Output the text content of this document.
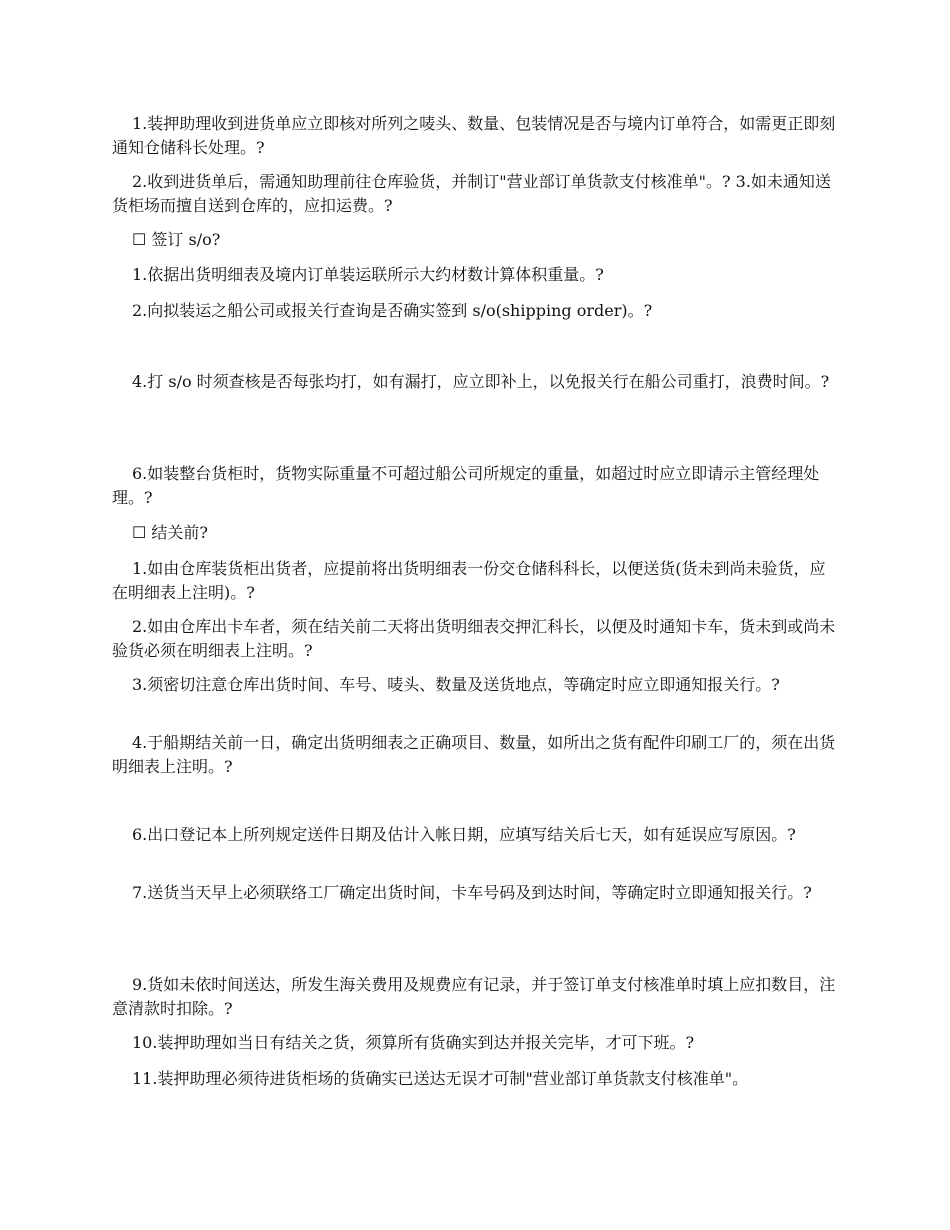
1.装押助理收到进货单应立即核对所列之唛头、数量、包装情况是否与境内订单符合，如需更正即刻通知仓储科长处理。?

2.收到进货单后，需通知助理前往仓库验货，并制订"营业部订单货款支付核准单"。? 3.如未通知送货柜场而擅自送到仓库的，应扣运费。?

☐ 签订 s/o?

1.依据出货明细表及境内订单装运联所示大约材数计算体积重量。?

2.向拟装运之船公司或报关行查询是否确实签到 s/o(shipping order)。?

4.打 s/o 时须查核是否每张均打，如有漏打，应立即补上，以免报关行在船公司重打，浪费时间。?

6.如装整台货柜时，货物实际重量不可超过船公司所规定的重量，如超过时应立即请示主管经理处理。?

☐ 结关前?

1.如由仓库装货柜出货者，应提前将出货明细表一份交仓储科科长，以便送货(货未到尚未验货，应在明细表上注明)。?

2.如由仓库出卡车者，须在结关前二天将出货明细表交押汇科长，以便及时通知卡车，货未到或尚未验货必须在明细表上注明。?

3.须密切注意仓库出货时间、车号、唛头、数量及送货地点，等确定时应立即通知报关行。?

4.于船期结关前一日，确定出货明细表之正确项目、数量，如所出之货有配件印刷工厂的，须在出货明细表上注明。?

6.出口登记本上所列规定送件日期及估计入帐日期，应填写结关后七天，如有延误应写原因。?

7.送货当天早上必须联络工厂确定出货时间，卡车号码及到达时间，等确定时立即通知报关行。?

9.货如未依时间送达，所发生海关费用及规费应有记录，并于签订单支付核准单时填上应扣数目，注意清款时扣除。?

10.装押助理如当日有结关之货，须算所有货确实到达并报关完毕，才可下班。?

11.装押助理必须待进货柜场的货确实已送达无误才可制"营业部订单货款支付核准单"。
